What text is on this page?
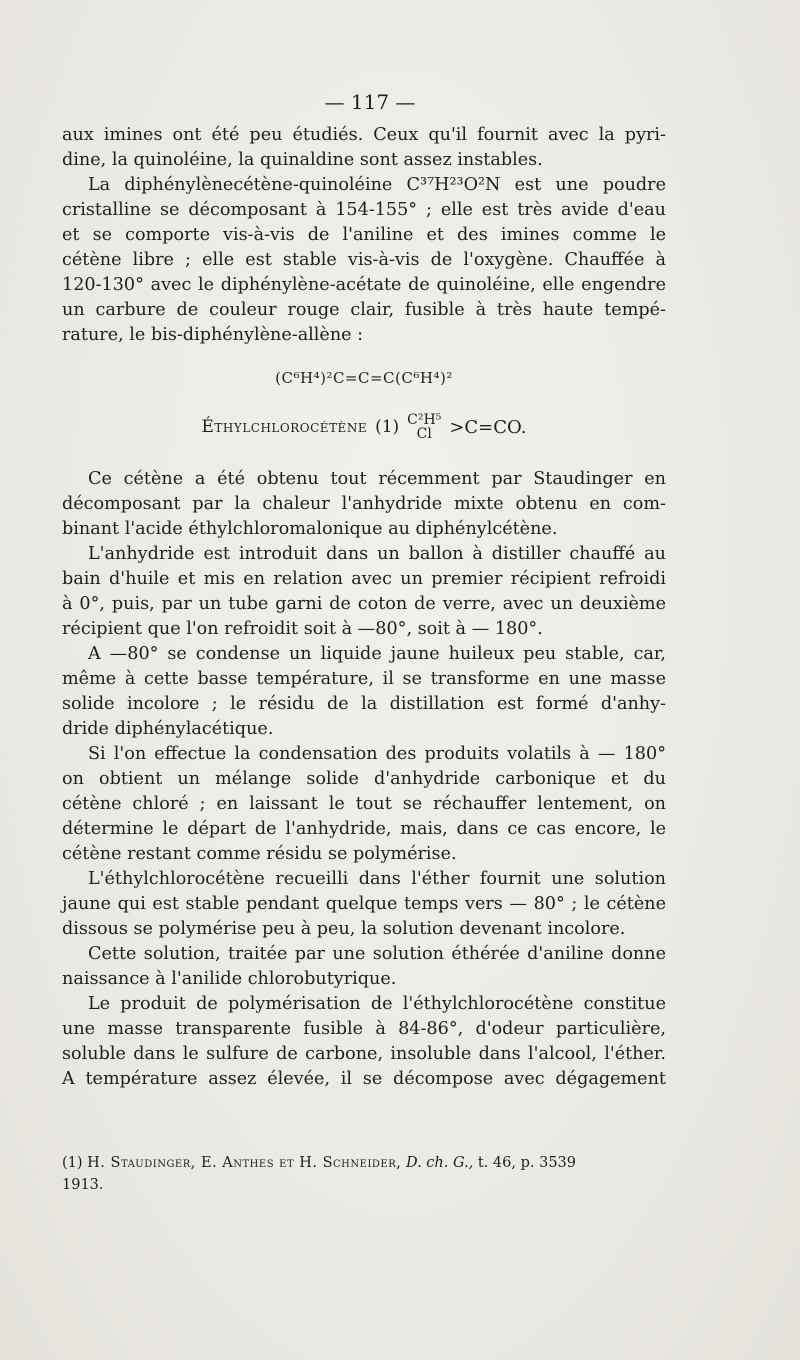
— 117 —
aux imines ont été peu étudiés. Ceux qu'il fournit avec la pyri-
dine, la quinoléine, la quinaldine sont assez instables.
La diphénylènecétène-quinoléine C³⁷H²³O²N est une poudre
cristalline se décomposant à 154-155° ; elle est très avide d'eau
et se comporte vis-à-vis de l'aniline et des imines comme le
cétène libre ; elle est stable vis-à-vis de l'oxygène. Chauffée à
120-130° avec le diphénylène-acétate de quinoléine, elle engendre
un carbure de couleur rouge clair, fusible à très haute tempé-
rature, le bis-diphénylène-allène :
(C⁶H⁴)²C=C=C(C⁶H⁴)²
Éthylchlorocétène (1) C²H⁵
Cl >C=CO.
Ce cétène a été obtenu tout récemment par Staudinger en
décomposant par la chaleur l'anhydride mixte obtenu en com-
binant l'acide éthylchloromalonique au diphénylcétène.
L'anhydride est introduit dans un ballon à distiller chauffé au
bain d'huile et mis en relation avec un premier récipient refroidi
à 0°, puis, par un tube garni de coton de verre, avec un deuxième
récipient que l'on refroidit soit à —80°, soit à — 180°.
A —80° se condense un liquide jaune huileux peu stable, car,
même à cette basse température, il se transforme en une masse
solide incolore ; le résidu de la distillation est formé d'anhy-
dride diphénylacétique.
Si l'on effectue la condensation des produits volatils à — 180°
on obtient un mélange solide d'anhydride carbonique et du
cétène chloré ; en laissant le tout se réchauffer lentement, on
détermine le départ de l'anhydride, mais, dans ce cas encore, le
cétène restant comme résidu se polymérise.
L'éthylchlorocétène recueilli dans l'éther fournit une solution
jaune qui est stable pendant quelque temps vers — 80° ; le cétène
dissous se polymérise peu à peu, la solution devenant incolore.
Cette solution, traitée par une solution éthérée d'aniline donne
naissance à l'anilide chlorobutyrique.
Le produit de polymérisation de l'éthylchlorocétène constitue
une masse transparente fusible à 84-86°, d'odeur particulière,
soluble dans le sulfure de carbone, insoluble dans l'alcool, l'éther.
A température assez élevée, il se décompose avec dégagement
(1) H. Staudinger, E. Anthes et H. Schneider, D. ch. G., t. 46, p. 3539
1913.
